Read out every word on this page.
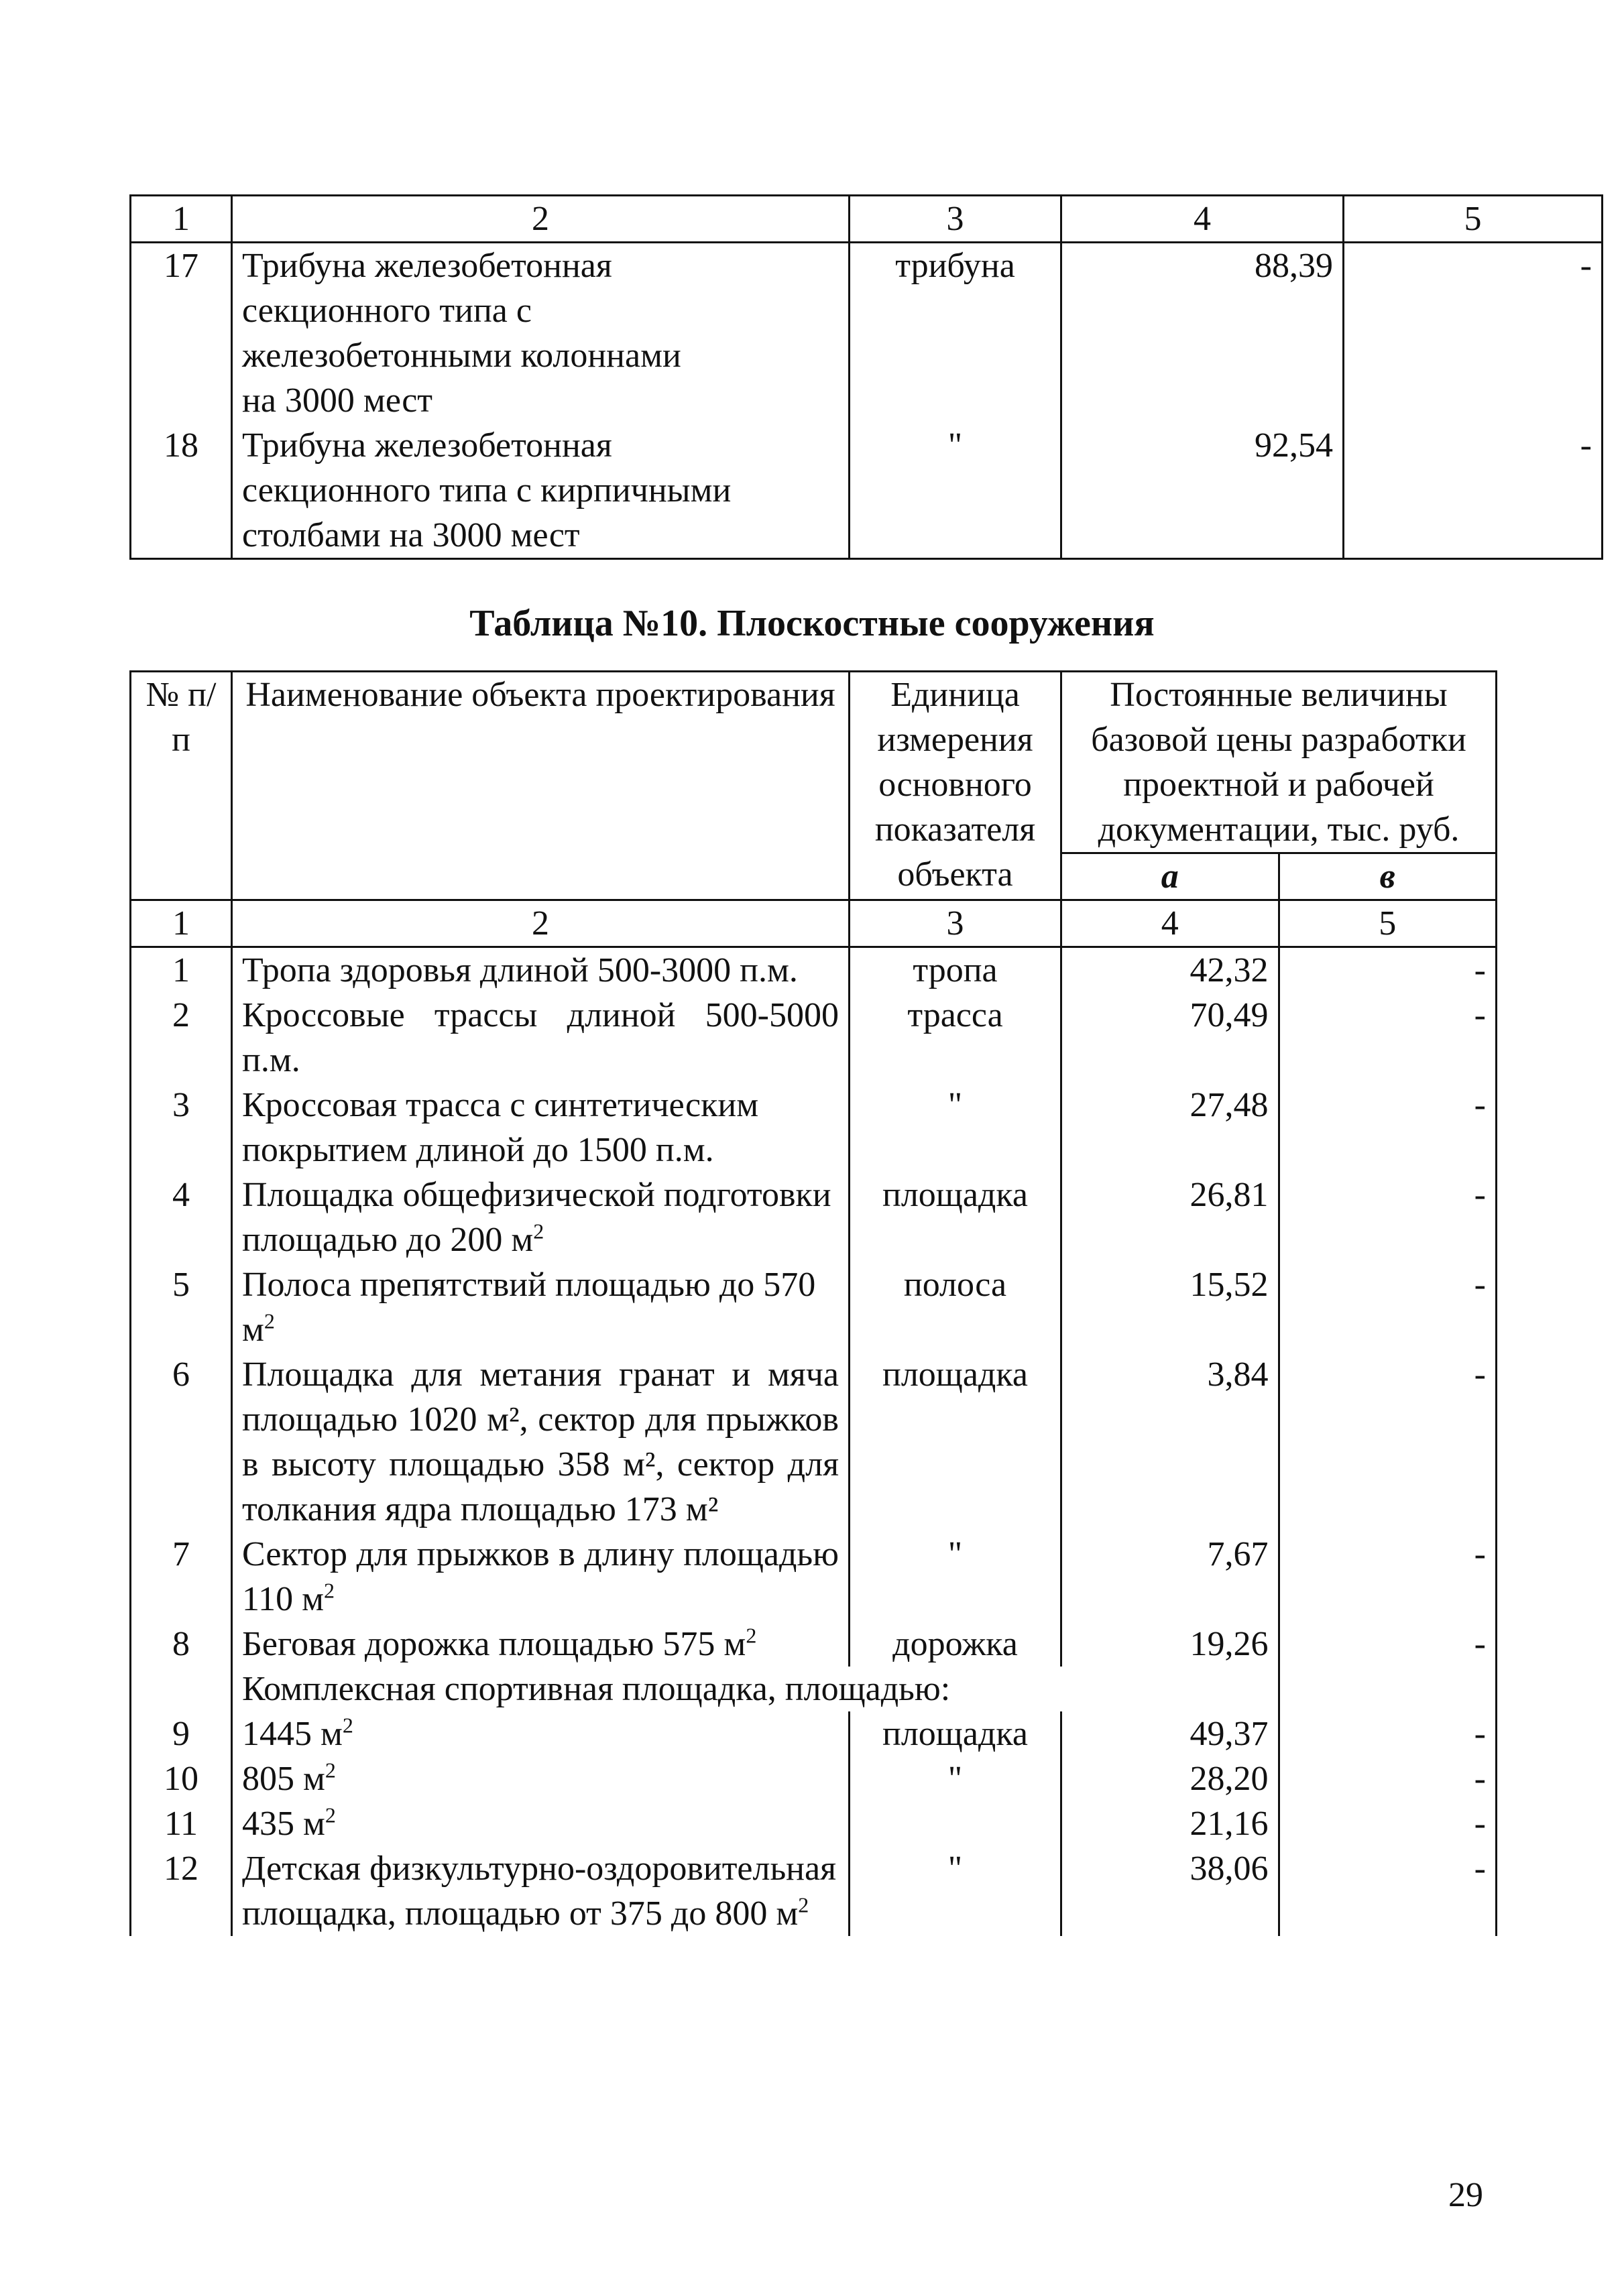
1	2	3	4	5
17	Трибуна железобетонная
секционного типа с
железобетонными колоннами
на 3000 мест	трибуна	88,39	-
18	Трибуна железобетонная
секционного типа с кирпичными
столбами на 3000 мест	"	92,54	-
Таблица №10. Плоскостные сооружения
№ п/п	Наименование объекта проектирования	Единица измерения основного показателя объекта	Постоянные величины базовой цены разработки проектной и рабочей документации, тыс. руб.	
			а	в
1	2	3	4	5
1	Тропа здоровья длиной 500-3000 п.м.	тропа	42,32	-
2	Кроссовые трассы длиной 500-5000 п.м.	трасса	70,49	-
3	Кроссовая трасса с синтетическим покрытием длиной до 1500 п.м.	"	27,48	-
4	Площадка общефизической подготовки площадью до 200 $м^2$	площадка	26,81	-
5	Полоса препятствий площадью до 570 $м^2$	полоса	15,52	-
6	Площадка для метания гранат и мяча площадью 1020 м², сектор для прыжков в высоту площадью 358 м², сектор для толкания ядра площадью 173 м²	площадка	3,84	-
7	Сектор для прыжков в длину площадью 110 $м^2$	"	7,67	-
8	Беговая дорожка площадью 575 $м^2$	дорожка	19,26	-
	Комплексная спортивная площадка, площадью:			
9	1445 $м^2$	площадка	49,37	-
10	805 $м^2$	"	28,20	-
11	435 $м^2$		21,16	-
12	Детская физкультурно-оздоровительная площадка, площадью от 375 до 800 $м^2$	"	38,06	-
29
